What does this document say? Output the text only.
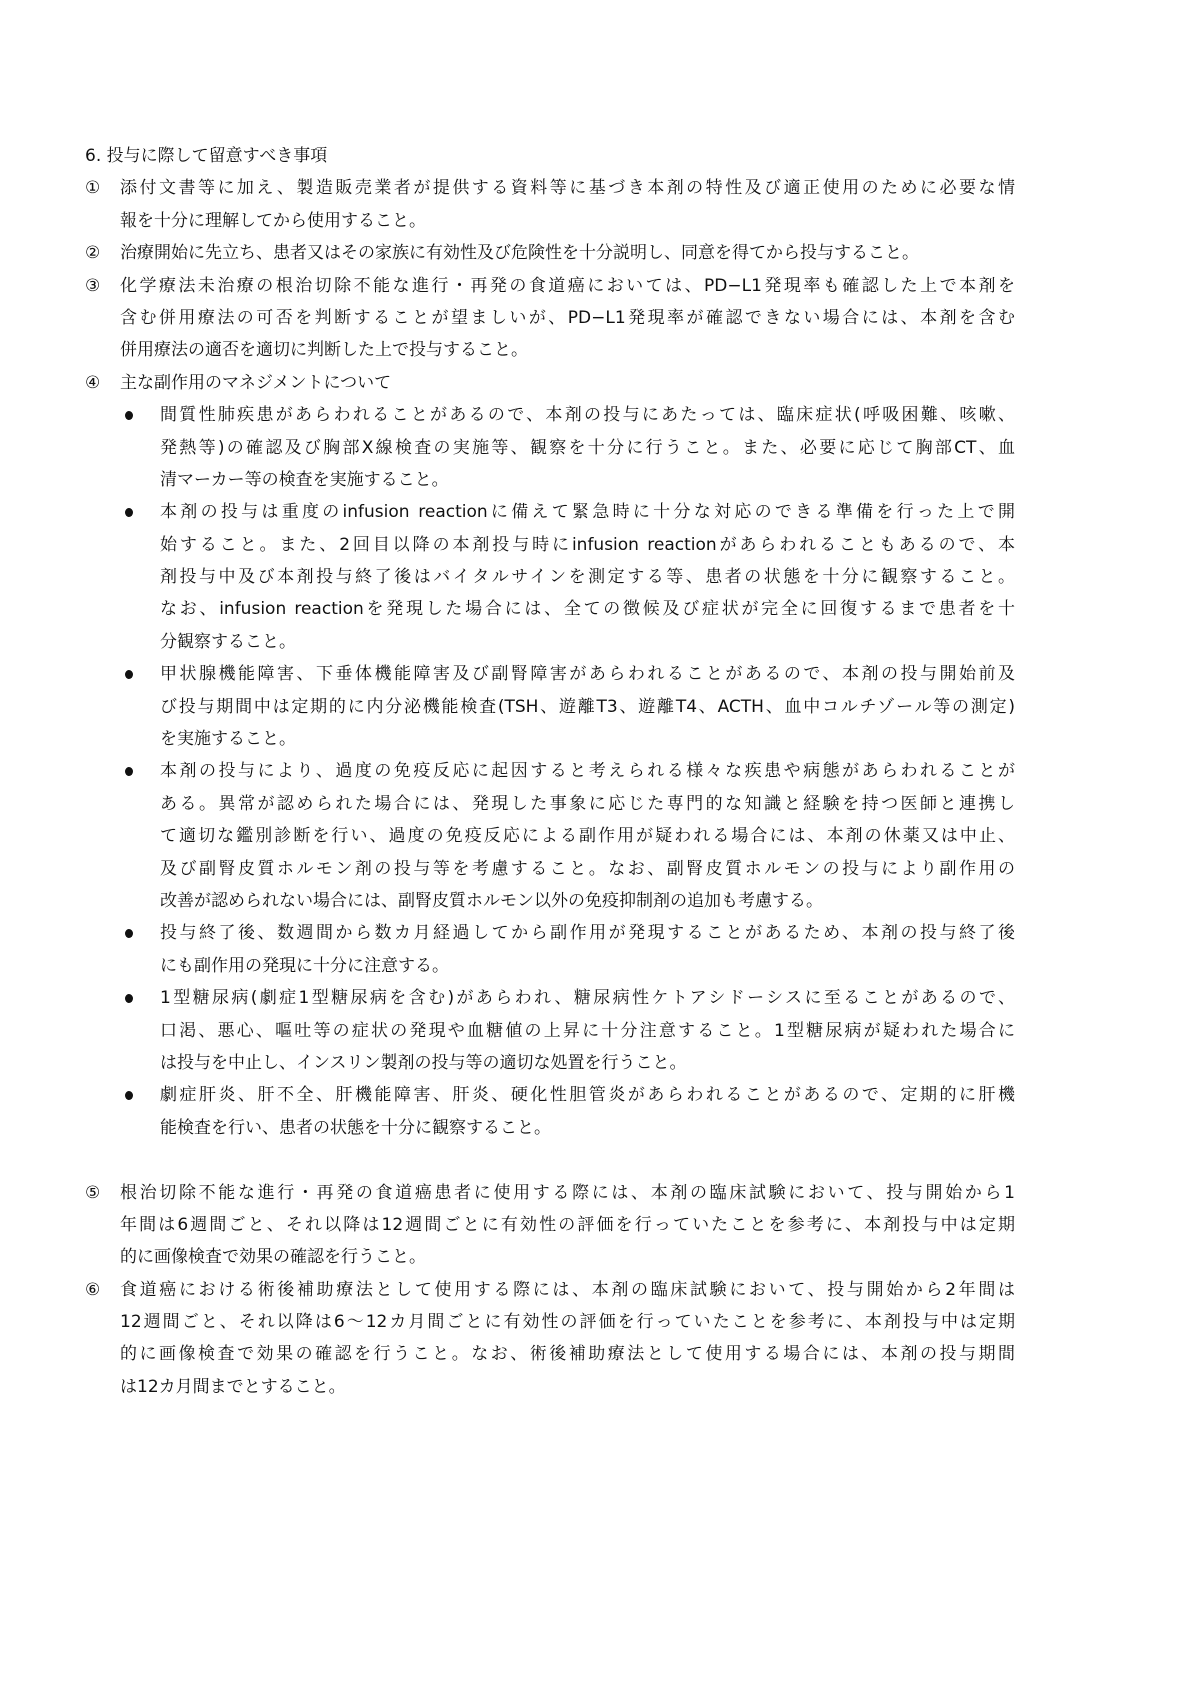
6. 投与に際して留意すべき事項
① 添付文書等に加え、製造販売業者が提供する資料等に基づき本剤の特性及び適正使用のために必要な情
報を十分に理解してから使用すること。
② 治療開始に先立ち、患者又はその家族に有効性及び危険性を十分説明し、同意を得てから投与すること。
③ 化学療法未治療の根治切除不能な進行・再発の食道癌においては、PD−L1発現率も確認した上で本剤を
含む併用療法の可否を判断することが望ましいが、PD−L1発現率が確認できない場合には、本剤を含む
併用療法の適否を適切に判断した上で投与すること。
④ 主な副作用のマネジメントについて
間質性肺疾患があらわれることがあるので、本剤の投与にあたっては、臨床症状(呼吸困難、咳嗽、
発熱等)の確認及び胸部X線検査の実施等、観察を十分に行うこと。また、必要に応じて胸部CT、血
清マーカー等の検査を実施すること。
本剤の投与は重度のinfusion reactionに備えて緊急時に十分な対応のできる準備を行った上で開
始すること。また、2回目以降の本剤投与時にinfusion reactionがあらわれることもあるので、本
剤投与中及び本剤投与終了後はバイタルサインを測定する等、患者の状態を十分に観察すること。
なお、infusion reactionを発現した場合には、全ての徴候及び症状が完全に回復するまで患者を十
分観察すること。
甲状腺機能障害、下垂体機能障害及び副腎障害があらわれることがあるので、本剤の投与開始前及
び投与期間中は定期的に内分泌機能検査(TSH、遊離T3、遊離T4、ACTH、血中コルチゾール等の測定)
を実施すること。
本剤の投与により、過度の免疫反応に起因すると考えられる様々な疾患や病態があらわれることが
ある。異常が認められた場合には、発現した事象に応じた専門的な知識と経験を持つ医師と連携し
て適切な鑑別診断を行い、過度の免疫反応による副作用が疑われる場合には、本剤の休薬又は中止、
及び副腎皮質ホルモン剤の投与等を考慮すること。なお、副腎皮質ホルモンの投与により副作用の
改善が認められない場合には、副腎皮質ホルモン以外の免疫抑制剤の追加も考慮する。
投与終了後、数週間から数カ月経過してから副作用が発現することがあるため、本剤の投与終了後
にも副作用の発現に十分に注意する。
1型糖尿病(劇症1型糖尿病を含む)があらわれ、糖尿病性ケトアシドーシスに至ることがあるので、
口渇、悪心、嘔吐等の症状の発現や血糖値の上昇に十分注意すること。1型糖尿病が疑われた場合に
は投与を中止し、インスリン製剤の投与等の適切な処置を行うこと。
劇症肝炎、肝不全、肝機能障害、肝炎、硬化性胆管炎があらわれることがあるので、定期的に肝機
能検査を行い、患者の状態を十分に観察すること。
⑤ 根治切除不能な進行・再発の食道癌患者に使用する際には、本剤の臨床試験において、投与開始から1
年間は6週間ごと、それ以降は12週間ごとに有効性の評価を行っていたことを参考に、本剤投与中は定期
的に画像検査で効果の確認を行うこと。
⑥ 食道癌における術後補助療法として使用する際には、本剤の臨床試験において、投与開始から2年間は
12週間ごと、それ以降は6〜12カ月間ごとに有効性の評価を行っていたことを参考に、本剤投与中は定期
的に画像検査で効果の確認を行うこと。なお、術後補助療法として使用する場合には、本剤の投与期間
は12カ月間までとすること。
